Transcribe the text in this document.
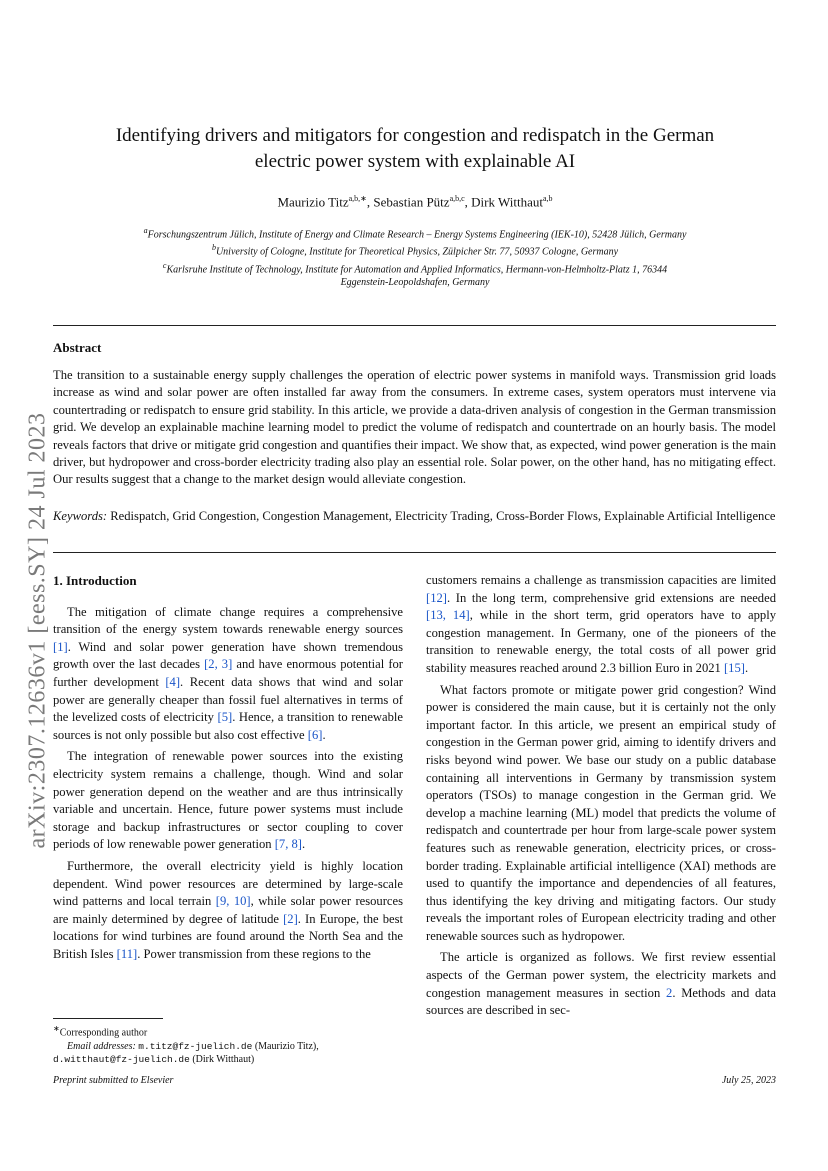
arXiv:2307.12636v1 [eess.SY] 24 Jul 2023
Identifying drivers and mitigators for congestion and redispatch in the German
electric power system with explainable AI
Maurizio Titz$^{a,b,∗}$, Sebastian Pütz$^{a,b,c}$, Dirk Witthaut$^{a,b}$
$^a$Forschungszentrum Jülich, Institute of Energy and Climate Research – Energy Systems Engineering (IEK-10), 52428 Jülich, Germany
$^b$University of Cologne, Institute for Theoretical Physics, Zülpicher Str. 77, 50937 Cologne, Germany
$^c$Karlsruhe Institute of Technology, Institute for Automation and Applied Informatics, Hermann-von-Helmholtz-Platz 1, 76344
Eggenstein-Leopoldshafen, Germany
Abstract
The transition to a sustainable energy supply challenges the operation of electric power systems in manifold ways. Transmission grid loads increase as wind and solar power are often installed far away from the consumers. In extreme cases, system operators must intervene via countertrading or redispatch to ensure grid stability. In this article, we provide a data-driven analysis of congestion in the German transmission grid. We develop an explainable machine learning model to predict the volume of redispatch and countertrade on an hourly basis. The model reveals factors that drive or mitigate grid congestion and quantifies their impact. We show that, as expected, wind power generation is the main driver, but hydropower and cross-border electricity trading also play an essential role. Solar power, on the other hand, has no mitigating effect. Our results suggest that a change to the market design would alleviate congestion.
Keywords: Redispatch, Grid Congestion, Congestion Management, Electricity Trading, Cross-Border Flows, Explainable Artificial Intelligence
1. Introduction

The mitigation of climate change requires a comprehensive transition of the energy system towards renewable energy sources [1]. Wind and solar power generation have shown tremendous growth over the last decades [2, 3] and have enormous potential for further development [4]. Recent data shows that wind and solar power are generally cheaper than fossil fuel alternatives in terms of the levelized costs of electricity [5]. Hence, a transition to renewable sources is not only possible but also cost effective [6].

The integration of renewable power sources into the existing electricity system remains a challenge, though. Wind and solar power generation depend on the weather and are thus intrinsically variable and uncertain. Hence, future power systems must include storage and backup infrastructures or sector coupling to cover periods of low renewable power generation [7, 8].

Furthermore, the overall electricity yield is highly location dependent. Wind power resources are determined by large-scale wind patterns and local terrain [9, 10], while solar power resources are mainly determined by degree of latitude [2]. In Europe, the best locations for wind turbines are found around the North Sea and the British Isles [11]. Power transmission from these regions to the

customers remains a challenge as transmission capacities are limited [12]. In the long term, comprehensive grid extensions are needed [13, 14], while in the short term, grid operators have to apply congestion management. In Germany, one of the pioneers of the transition to renewable energy, the total costs of all power grid stability measures reached around 2.3 billion Euro in 2021 [15].

What factors promote or mitigate power grid congestion? Wind power is considered the main cause, but it is certainly not the only important factor. In this article, we present an empirical study of congestion in the German power grid, aiming to identify drivers and risks beyond wind power. We base our study on a public database containing all interventions in Germany by transmission system operators (TSOs) to manage congestion in the German grid. We develop a machine learning (ML) model that predicts the volume of redispatch and countertrade per hour from large-scale power system features such as renewable generation, electricity prices, or cross-border trading. Explainable artificial intelligence (XAI) methods are used to quantify the importance and dependencies of all features, thus identifying the key driving and mitigating factors. Our study reveals the important roles of European electricity trading and other renewable sources such as hydropower.

The article is organized as follows. We first review essential aspects of the German power system, the electricity markets and congestion management measures in section 2. Methods and data sources are described in sec-

∗Corresponding author
Email addresses: m.titz@fz-juelich.de (Maurizio Titz),
d.witthaut@fz-juelich.de (Dirk Witthaut)
Preprint submitted to Elsevier	July 25, 2023
